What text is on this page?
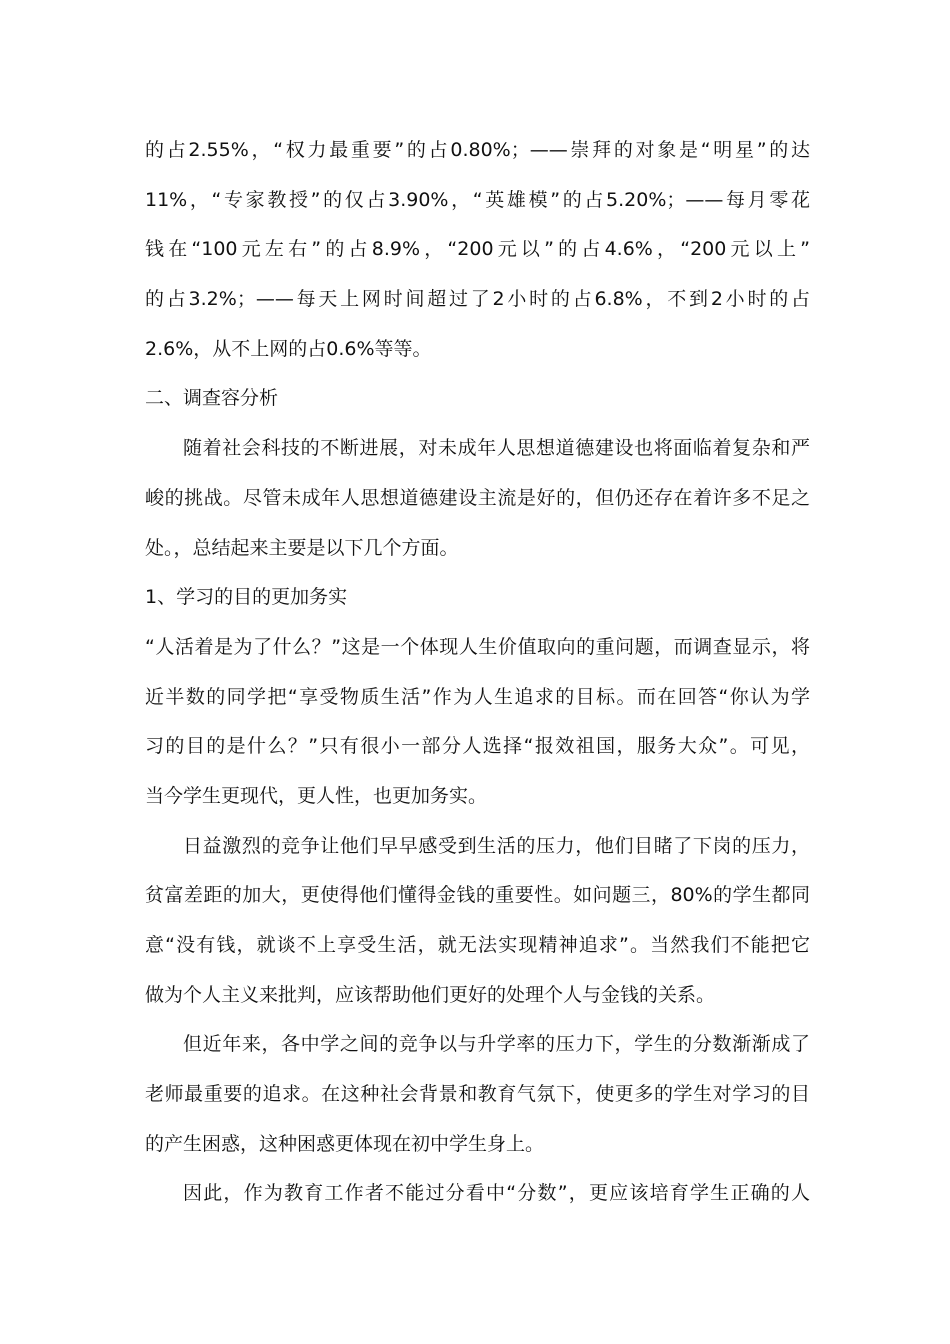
的占2.55%，“权力最重要”的占0.80%；——崇拜的对象是“明星”的达
11%，“专家教授”的仅占3.90%，“英雄模”的占5.20%；——每月零花
钱在“100元左右”的占8.9%，“200元以”的占4.6%，“200元以上”
的占3.2%；——每天上网时间超过了2小时的占6.8%，不到2小时的占
2.6%，从不上网的占0.6%等等。
二、调查容分析
随着社会科技的不断进展，对未成年人思想道德建设也将面临着复杂和严
峻的挑战。尽管未成年人思想道德建设主流是好的，但仍还存在着许多不足之
处。，总结起来主要是以下几个方面。
1、学习的目的更加务实
“人活着是为了什么？”这是一个体现人生价值取向的重问题，而调查显示，将
近半数的同学把“享受物质生活”作为人生追求的目标。而在回答“你认为学
习的目的是什么？”只有很小一部分人选择“报效祖国，服务大众”。可见，
当今学生更现代，更人性，也更加务实。
日益激烈的竞争让他们早早感受到生活的压力，他们目睹了下岗的压力，
贫富差距的加大，更使得他们懂得金钱的重要性。如问题三，80%的学生都同
意“没有钱，就谈不上享受生活，就无法实现精神追求”。当然我们不能把它
做为个人主义来批判，应该帮助他们更好的处理个人与金钱的关系。
但近年来，各中学之间的竞争以与升学率的压力下，学生的分数渐渐成了
老师最重要的追求。在这种社会背景和教育气氛下，使更多的学生对学习的目
的产生困惑，这种困惑更体现在初中学生身上。
因此，作为教育工作者不能过分看中“分数”，更应该培育学生正确的人
